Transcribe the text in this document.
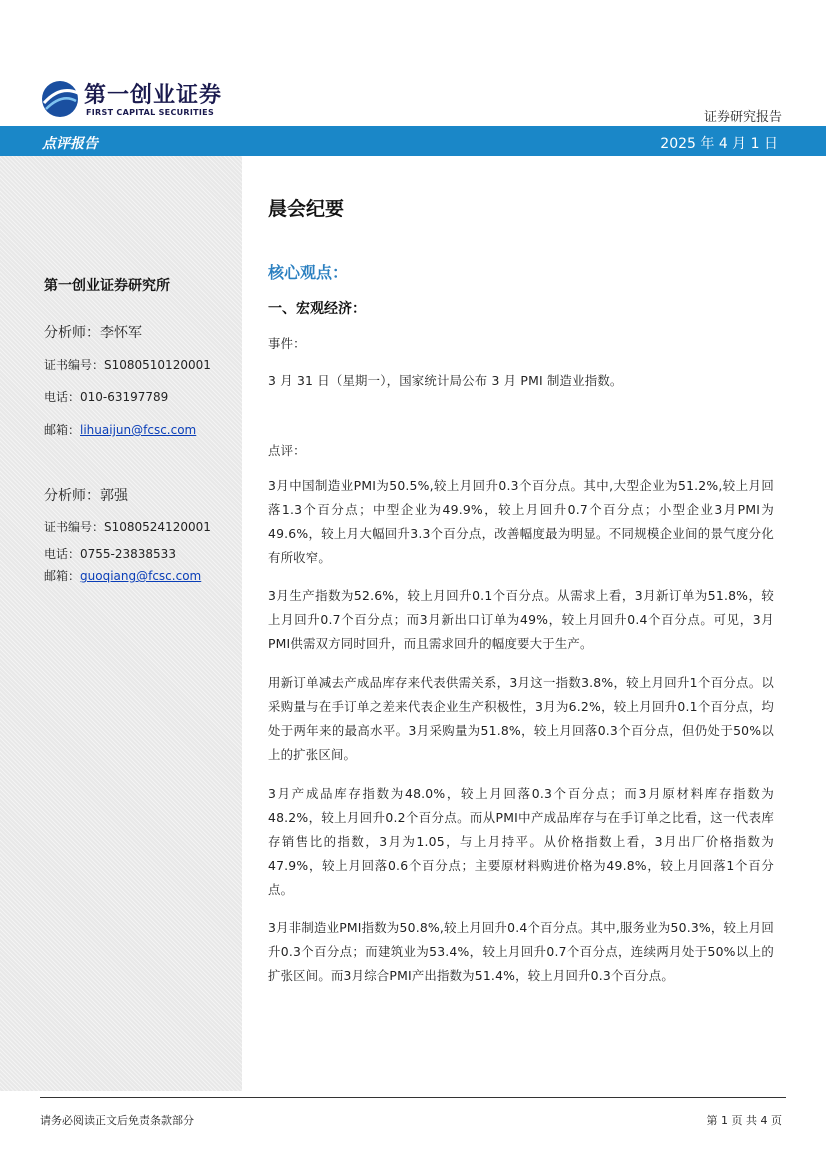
第一创业证券
FIRST CAPITAL SECURITIES	证券研究报告
点评报告	2025 年 4 月 1 日
第一创业证券研究所
分析师：李怀军
证书编号：S1080510120001
电话：010-63197789
邮箱：lihuaijun@fcsc.com
分析师：郭强
证书编号：S1080524120001
电话：0755-23838533
邮箱：guoqiang@fcsc.com
晨会纪要
核心观点：
一、宏观经济：
事件：
3 月 31 日（星期一），国家统计局公布 3 月 PMI 制造业指数。
点评：
3月中国制造业PMI为50.5%,较上月回升0.3个百分点。其中,大型企业为51.2%,较上月回落1.3个百分点；中型企业为49.9%，较上月回升0.7个百分点；小型企业3月PMI为49.6%，较上月大幅回升3.3个百分点，改善幅度最为明显。不同规模企业间的景气度分化有所收窄。
3月生产指数为52.6%，较上月回升0.1个百分点。从需求上看，3月新订单为51.8%，较上月回升0.7个百分点；而3月新出口订单为49%，较上月回升0.4个百分点。可见，3月PMI供需双方同时回升，而且需求回升的幅度要大于生产。
用新订单减去产成品库存来代表供需关系，3月这一指数3.8%，较上月回升1个百分点。以采购量与在手订单之差来代表企业生产积极性，3月为6.2%，较上月回升0.1个百分点，均处于两年来的最高水平。3月采购量为51.8%，较上月回落0.3个百分点，但仍处于50%以上的扩张区间。
3月产成品库存指数为48.0%，较上月回落0.3个百分点；而3月原材料库存指数为48.2%，较上月回升0.2个百分点。而从PMI中产成品库存与在手订单之比看，这一代表库存销售比的指数，3月为1.05，与上月持平。从价格指数上看，3月出厂价格指数为47.9%，较上月回落0.6个百分点；主要原材料购进价格为49.8%，较上月回落1个百分点。
3月非制造业PMI指数为50.8%,较上月回升0.4个百分点。其中,服务业为50.3%，较上月回升0.3个百分点；而建筑业为53.4%，较上月回升0.7个百分点，连续两月处于50%以上的扩张区间。而3月综合PMI产出指数为51.4%，较上月回升0.3个百分点。
请务必阅读正文后免责条款部分	第 1 页 共 4 页
